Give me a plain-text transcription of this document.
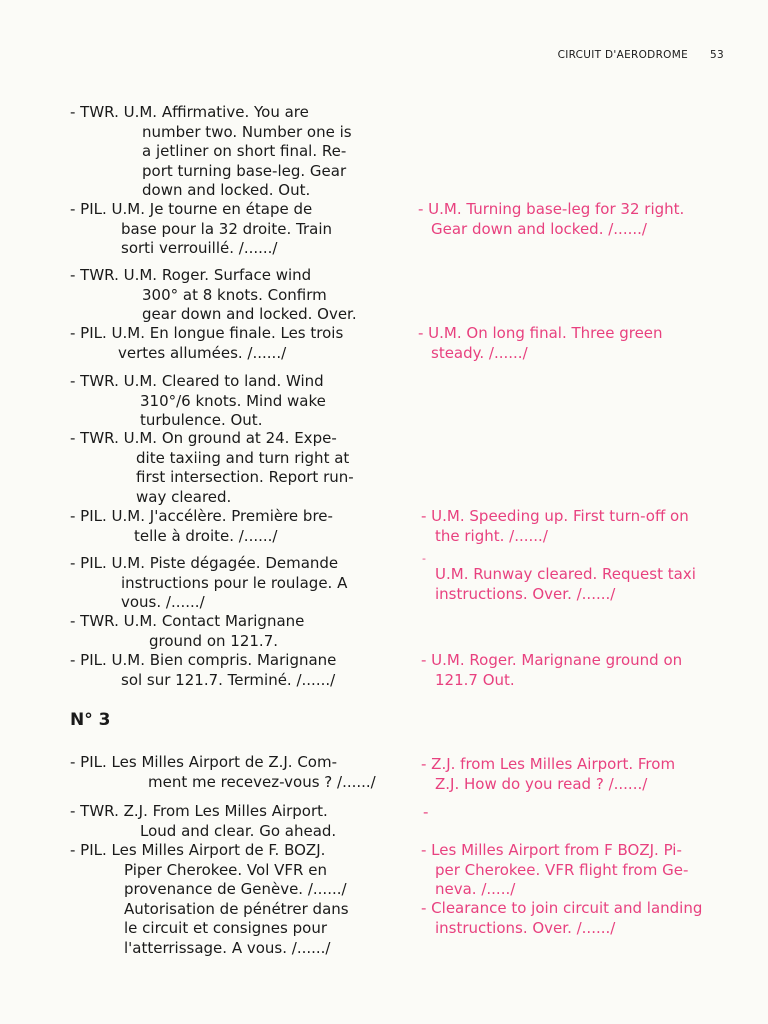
CIRCUIT D'AERODROME 53
- TWR. U.M. Affirmative. You are
number two. Number one is
a jetliner on short final. Re-
port turning base-leg. Gear
down and locked. Out.
- PIL. U.M. Je tourne en étape de
base pour la 32 droite. Train
sorti verrouillé. /....../
- TWR. U.M. Roger. Surface wind
300° at 8 knots. Confirm
gear down and locked. Over.
- PIL. U.M. En longue finale. Les trois
vertes allumées. /....../
- TWR. U.M. Cleared to land. Wind
310°/6 knots. Mind wake
turbulence. Out.
- TWR. U.M. On ground at 24. Expe-
dite taxiing and turn right at
first intersection. Report run-
way cleared.
- PIL. U.M. J'accélère. Première bre-
telle à droite. /....../
- PIL. U.M. Piste dégagée. Demande
instructions pour le roulage. A
vous. /....../
- TWR. U.M. Contact Marignane
ground on 121.7.
- PIL. U.M. Bien compris. Marignane
sol sur 121.7. Terminé. /....../
N° 3
- PIL. Les Milles Airport de Z.J. Com-
ment me recevez-vous ? /....../
- TWR. Z.J. From Les Milles Airport.
Loud and clear. Go ahead.
- PIL. Les Milles Airport de F. BOZJ.
Piper Cherokee. Vol VFR en
provenance de Genève. /....../
Autorisation de pénétrer dans
le circuit et consignes pour
l'atterrissage. A vous. /....../
- U.M. Turning base-leg for 32 right.
Gear down and locked. /....../
- U.M. On long final. Three green
steady. /....../
- U.M. Speeding up. First turn-off on
the right. /....../
-
U.M. Runway cleared. Request taxi
instructions. Over. /....../
- U.M. Roger. Marignane ground on
121.7 Out.
- Z.J. from Les Milles Airport. From
Z.J. How do you read ? /....../
-
- Les Milles Airport from F BOZJ. Pi-
per Cherokee. VFR flight from Ge-
neva. /...../
- Clearance to join circuit and landing
instructions. Over. /....../
